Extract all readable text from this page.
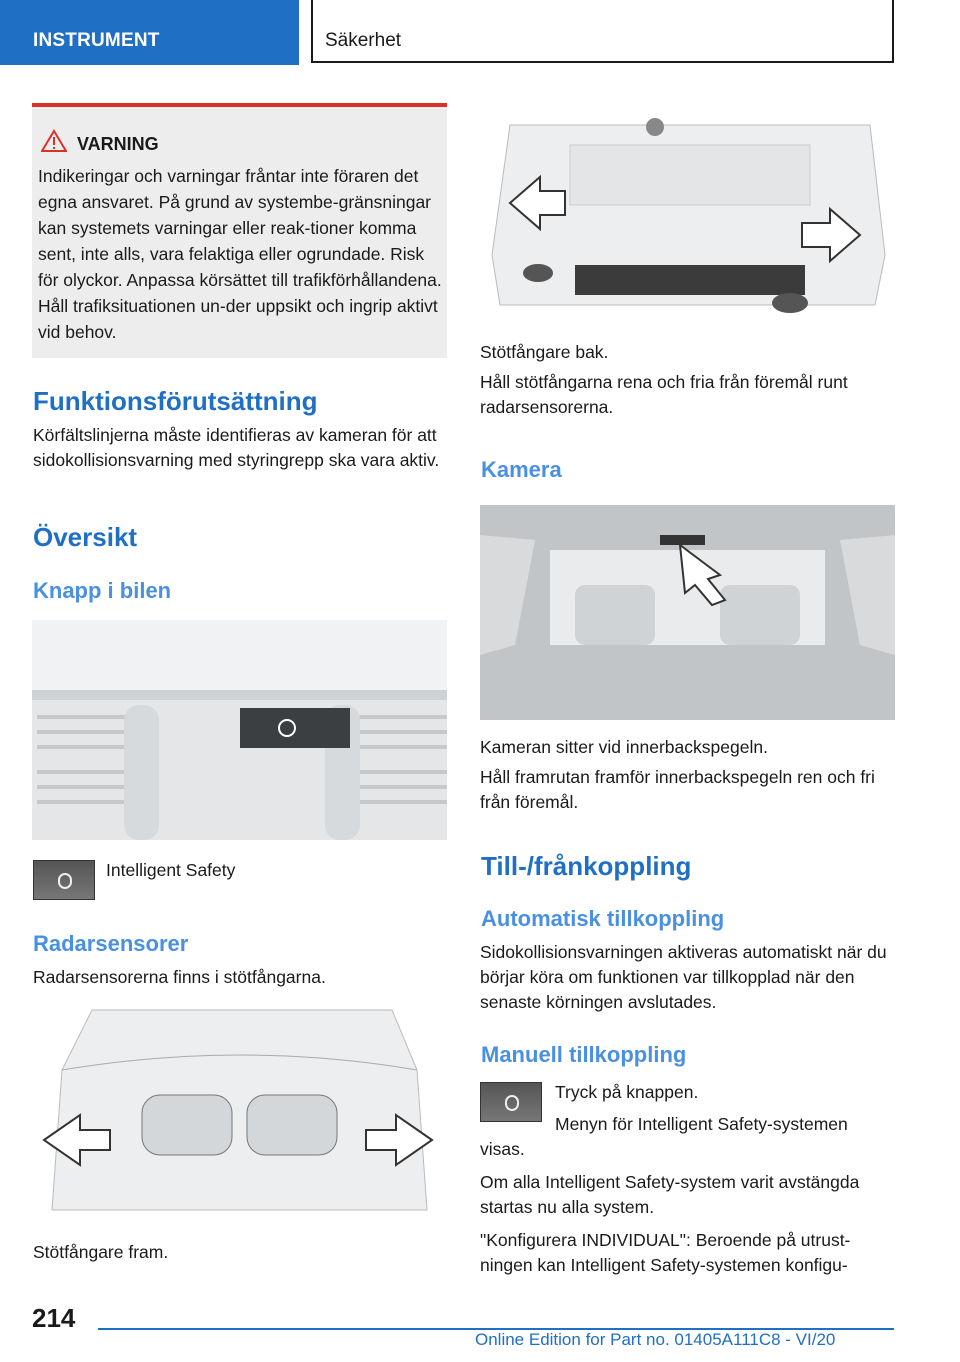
INSTRUMENT	Säkerhet
VARNING
Indikeringar och varningar fråntar inte föraren det egna ansvaret. På grund av systembe-gränsningar kan systemets varningar eller reak-tioner komma sent, inte alls, vara felaktiga eller ogrundade. Risk för olyckor. Anpassa körsättet till trafikförhållandena. Håll trafiksituationen un-der uppsikt och ingrip aktivt vid behov.
Funktionsförutsättning

Körfältslinjerna måste identifieras av kameran för att sidokollisionsvarning med styringrepp ska vara aktiv.

Översikt
Knapp i bilen

Intelligent Safety

Radarsensorer

Radarsensorerna finns i stötfångarna.

Stötfångare fram.

Stötfångare bak.

Håll stötfångarna rena och fria från föremål runt radarsensorerna.

Kamera

Kameran sitter vid innerbackspegeln.

Håll framrutan framför innerbackspegeln ren och fri från föremål.

Till-/frånkoppling
Automatisk tillkoppling

Sidokollisionsvarningen aktiveras automatiskt när du börjar köra om funktionen var tillkopplad när den senaste körningen avslutades.

Manuell tillkoppling

Tryck på knappen.

Menyn för Intelligent Safety-systemen visas.

Om alla Intelligent Safety-system varit avstängda startas nu alla system.

"Konfigurera INDIVIDUAL": Beroende på utrust-ningen kan Intelligent Safety-systemen konfigu-

214
Online Edition for Part no. 01405A111C8 - VI/20
